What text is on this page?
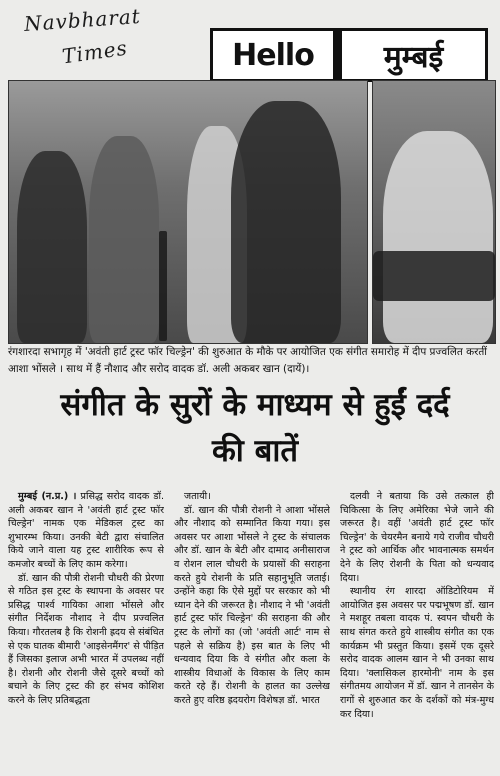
Navbharat
Times	Hello	मुम्बई
रंगशारदा सभागृह में 'अवंती हार्ट ट्रस्ट फॉर चिल्ड्रेन' की शुरुआत के मौके पर आयोजित एक संगीत समारोह में दीप प्रज्वलित करतीं आशा भोंसले । साथ में हैं नौशाद और सरोद वादक डॉ. अली अकबर खान (दायें)।
संगीत के सुरों के माध्यम से हुईं दर्द की बातें

मुम्बई (न.प्र.) । प्रसिद्ध सरोद वादक डॉ. अली अकबर खान ने 'अवंती हार्ट ट्रस्ट फॉर चिल्ड्रेन' नामक एक मेडिकल ट्रस्ट का शुभारम्भ किया। उनकी बेटी द्वारा संचालित किये जाने वाला यह ट्रस्ट शारीरिक रूप से कमजोर बच्चों के लिए काम करेगा।

डॉ. खान की पौत्री रोशनी चौधरी की प्रेरणा से गठित इस ट्रस्ट के स्थापना के अवसर पर प्रसिद्ध पार्श्व गायिका आशा भोंसले और संगीत निर्देशक नौशाद ने दीप प्रज्वलित किया। गौरतलब है कि रोशनी ह्रदय से संबंधित से एक घातक बीमारी 'आइसेनमैंगर' से पीड़ित हैं जिसका इलाज अभी भारत में उपलब्ध नहीं है। रोशनी और रोशनी जैसे दूसरे बच्चों को बचाने के लिए ट्रस्ट की हर संभव कोशिश करने के लिए प्रतिबद्धता

जतायी।

डॉ. खान की पौत्री रोशनी ने आशा भोंसले और नौशाद को सम्मानित किया गया। इस अवसर पर आशा भोंसले ने ट्रस्ट के संचालक और डॉ. खान के बेटी और दामाद अनीसाराज व रोशन लाल चौधरी के प्रयासों की सराहना करते हुये रोशनी के प्रति सहानुभूति जताई। उन्होंने कहा कि ऐसे मुद्दों पर सरकार को भी ध्यान देने की जरूरत है। नौशाद ने भी 'अवंती हार्ट ट्रस्ट फॉर चिल्ड्रेन' की सराहना की और ट्रस्ट के लोगों का (जो 'अवंती आर्ट' नाम से पहले से सक्रिय है) इस बात के लिए भी धन्यवाद दिया कि वे संगीत और कला के शास्त्रीय विधाओं के विकास के लिए काम करते रहे हैं। रोशनी के हालत का उल्लेख करते हुए वरिष्ठ ह्रदयरोग विशेषज्ञ डॉ. भारत

दलवी ने बताया कि उसे तत्काल ही चिकित्सा के लिए अमेरिका भेजे जाने की जरूरत है। वहीं 'अवंती हार्ट ट्रस्ट फॉर चिल्ड्रेन' के चेयरमैन बनाये गये राजीव चौधरी ने ट्रस्ट को आर्थिक और भावनात्मक समर्थन देने के लिए रोशनी के पिता को धन्यवाद दिया।

स्थानीय रंग शारदा ऑडिटोरियम में आयोजित इस अवसर पर पद्मभूषण डॉ. खान ने मशहूर तबला वादक पं. स्वपन चौधरी के साथ संगत करते हुये शास्त्रीय संगीत का एक कार्यक्रम भी प्रस्तुत किया। इसमें एक दूसरे सरोद वादक आलम खान ने भी उनका साथ दिया। 'क्लासिकल हारमोनी' नाम के इस संगीतमय आयोजन में डॉ. खान ने तानसेन के रागों से शुरुआत कर के दर्शकों को मंत्र-मुग्ध कर दिया।
